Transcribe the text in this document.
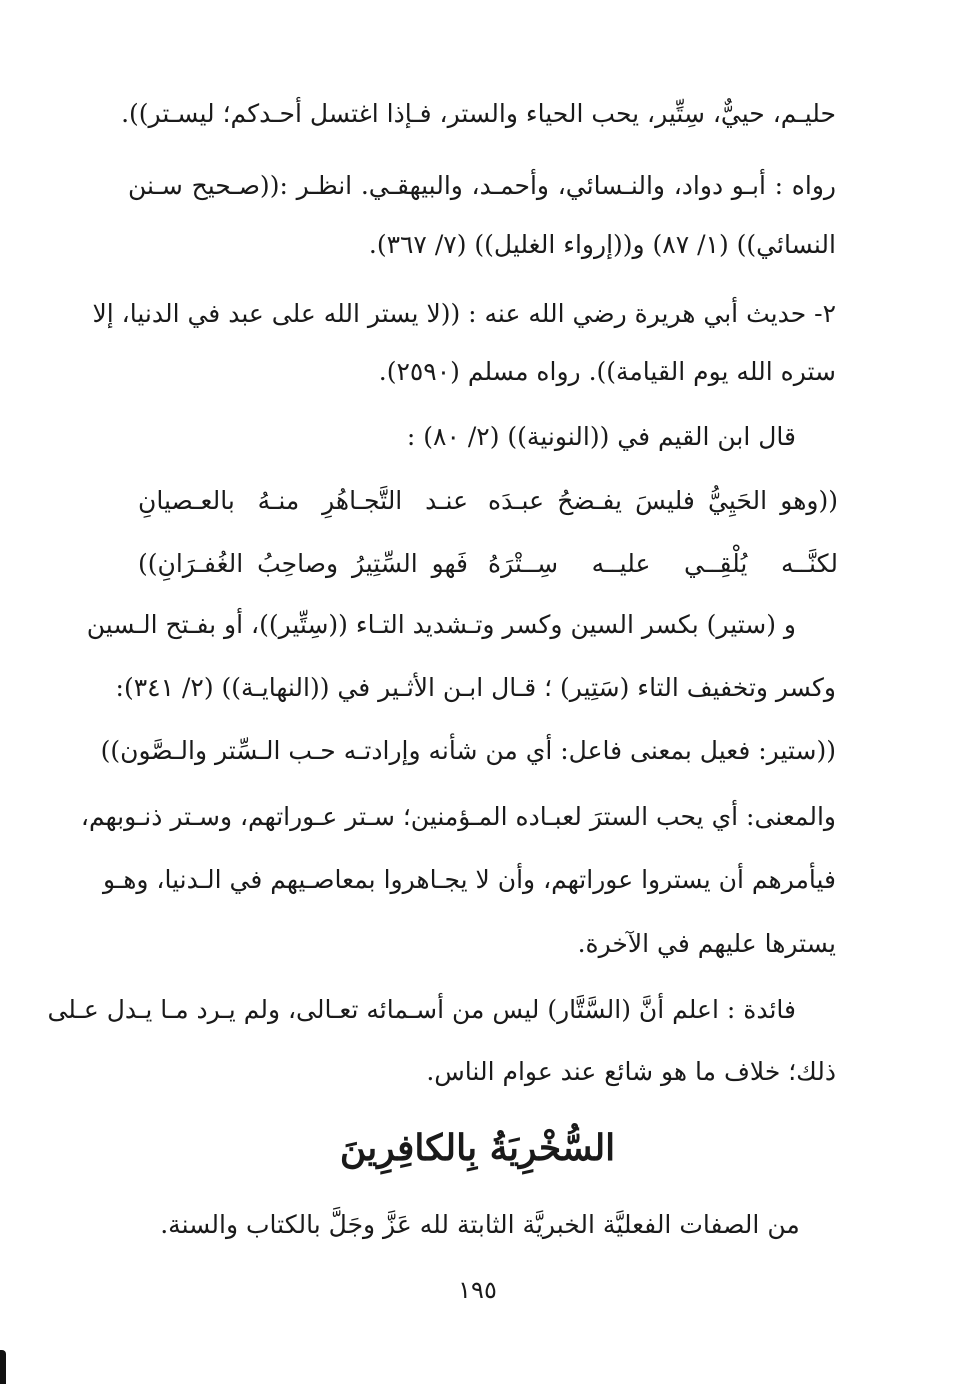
حليـم، حييٌّ، سِتِّير، يحب الحياء والستر، فـإذا اغتسل أحـدكم؛ ليسـتر)).
رواه : أبـو دواد، والنـسائي، وأحمـد، والبيهقـي. انظـر :((صـحيح سـنن
النسائي)) (١/ ٨٧) و((إرواء الغليل)) (٧/ ٣٦٧).
٢- حديث أبي هريرة رضي الله عنه : ((لا يستر الله على عبد في الدنيا، إلا
ستره الله يوم القيامة)). رواه مسلم (٢٥٩٠).
قال ابن القيم في ((النونية)) (٢/ ٨٠) :
((وهو الحَيِيُّ فليسَ يفـضحُ عبـدَه
عنـد التَّجـاهُرِ منـهُ بالعـصيانِ
لكنَّــه يُلْقِــي عليــه سِــتْرَهُ
فَهو السِّتِيرُ وصاحِبُ الغُفـرَانِ))
و (ستير) بكسر السين وكسر وتـشديد التـاء ((سِتِّير))، أو بفـتح الـسين
وكسر وتخفيف التاء (سَتِير) ؛ قـال ابـن الأثـير في ((النهايـة)) (٢/ ٣٤١):
((ستير: فعيل بمعنى فاعل: أي من شأنه وإرادتـه حـب الـسِّتر والـصَّون))
والمعنى: أي يحب السترَ لعبـاده المـؤمنين؛ سـتر عـوراتهم، وسـتر ذنـوبهم،
فيأمرهم أن يستروا عوراتهم، وأن لا يجـاهروا بمعاصـيهم في الـدنيا، وهـو
يسترها عليهم في الآخرة.
فائدة : اعلم أنَّ (السَّتَّار) ليس من أسـمائه تعـالى، ولم يـرد مـا يـدل عـلى
ذلك؛ خلاف ما هو شائع عند عوام الناس.
السُّخْرِيَةُ بِالكافِرِينَ
من الصفات الفعليَّة الخبريَّة الثابتة لله عَزَّ وجَلَّ بالكتاب والسنة.
١٩٥
